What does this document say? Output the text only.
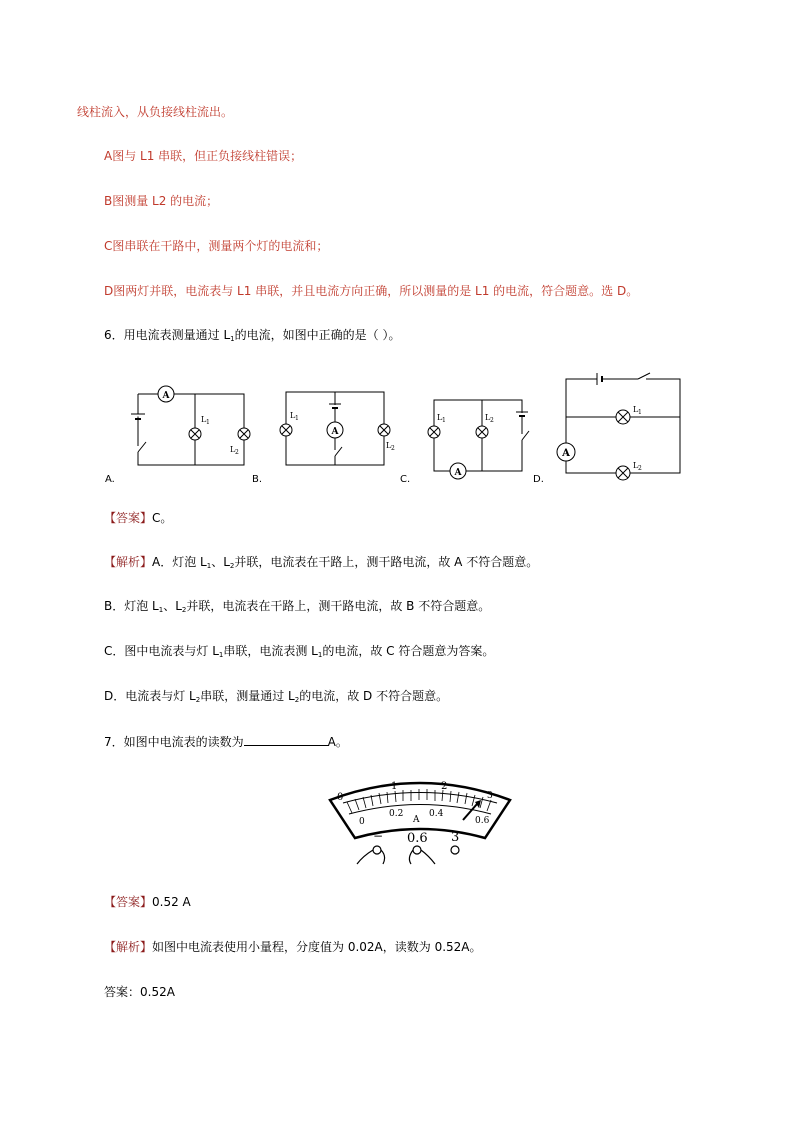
线柱流入，从负接线柱流出。
A图与 L1 串联，但正负接线柱错误；
B图测量 L2 的电流；
C图串联在干路中，测量两个灯的电流和；
D图两灯并联，电流表与 L1 串联，并且电流方向正确，所以测量的是 L1 的电流，符合题意。选 D。
6．用电流表测量通过 $L_1$的电流，如图中正确的是（ ）。
A
L 1
L 2
A.
A
L 1
L 2
B.
L 1	L 2
A
C.
L 1
L 2
A
D.
【答案】C。
【解析】A．灯泡 $L_1$、$L_2$并联，电流表在干路上，测干路电流，故 A 不符合题意。
B．灯泡 $L_1$、$L_2$并联，电流表在干路上，测干路电流，故 B 不符合题意。
C．图中电流表与灯 $L_1$串联，电流表测 $L_1$的电流，故 C 符合题意为答案。
D．电流表与灯 $L_2$串联，测量通过 $L_2$的电流，故 D 不符合题意。
7．如图中电流表的读数为	A。
0
1	2
3
0
0.2	0.4
0.6
A
− 0.6 3
【答案】0.52 A
【解析】如图中电流表使用小量程，分度值为 0.02A，读数为 0.52A。
答案：0.52A
